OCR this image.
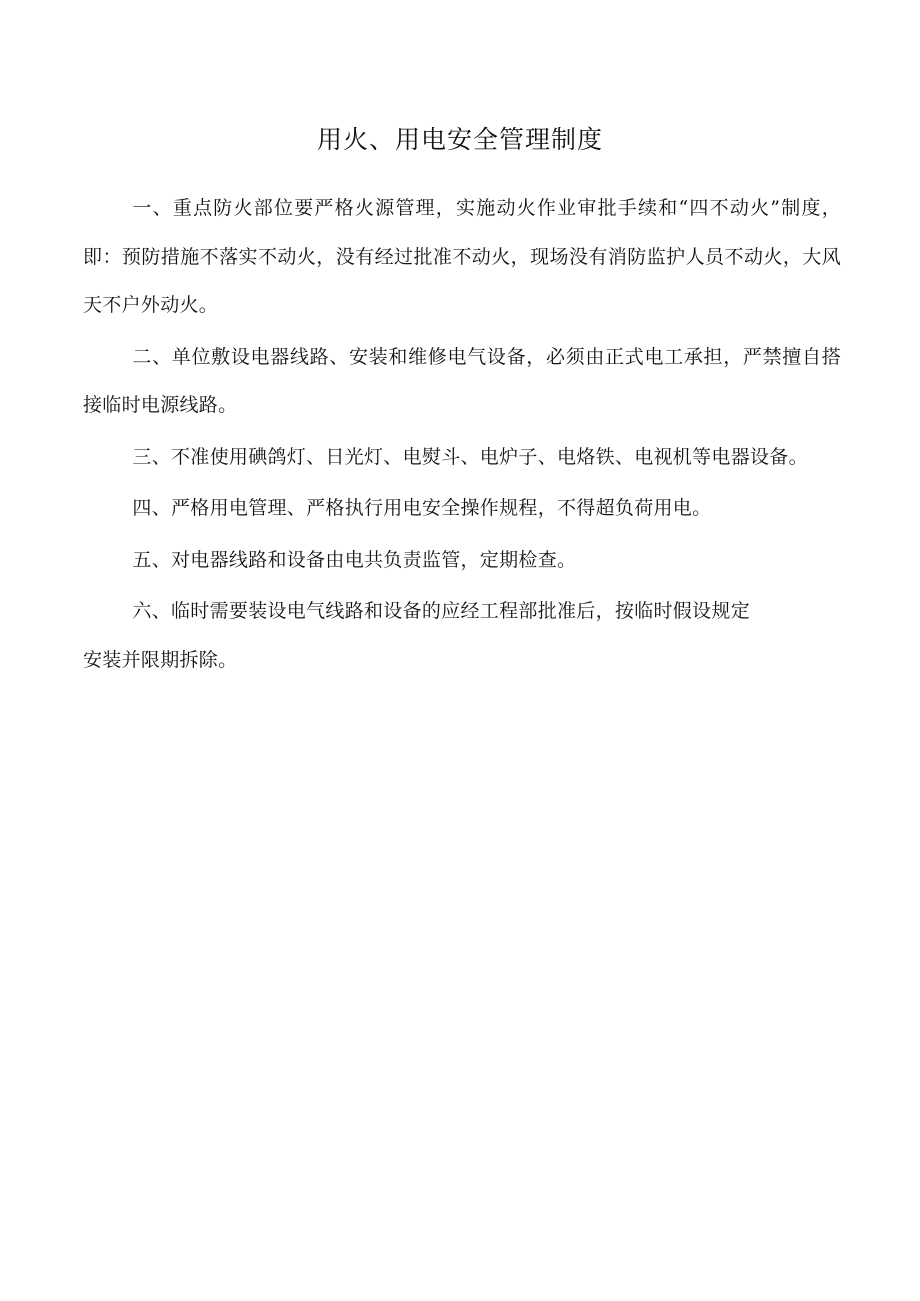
用火、用电安全管理制度

一、重点防火部位要严格火源管理，实施动火作业审批手续和“四不动火”制度，即：预防措施不落实不动火，没有经过批准不动火，现场没有消防监护人员不动火，大风天不户外动火。

二、单位敷设电器线路、安装和维修电气设备，必须由正式电工承担，严禁擅自搭接临时电源线路。

三、不准使用碘鸽灯、日光灯、电熨斗、电炉子、电烙铁、电视机等电器设备。

四、严格用电管理、严格执行用电安全操作规程，不得超负荷用电。

五、对电器线路和设备由电共负责监管，定期检查。

六、临时需要装设电气线路和设备的应经工程部批准后，按临时假设规定

安装并限期拆除。
